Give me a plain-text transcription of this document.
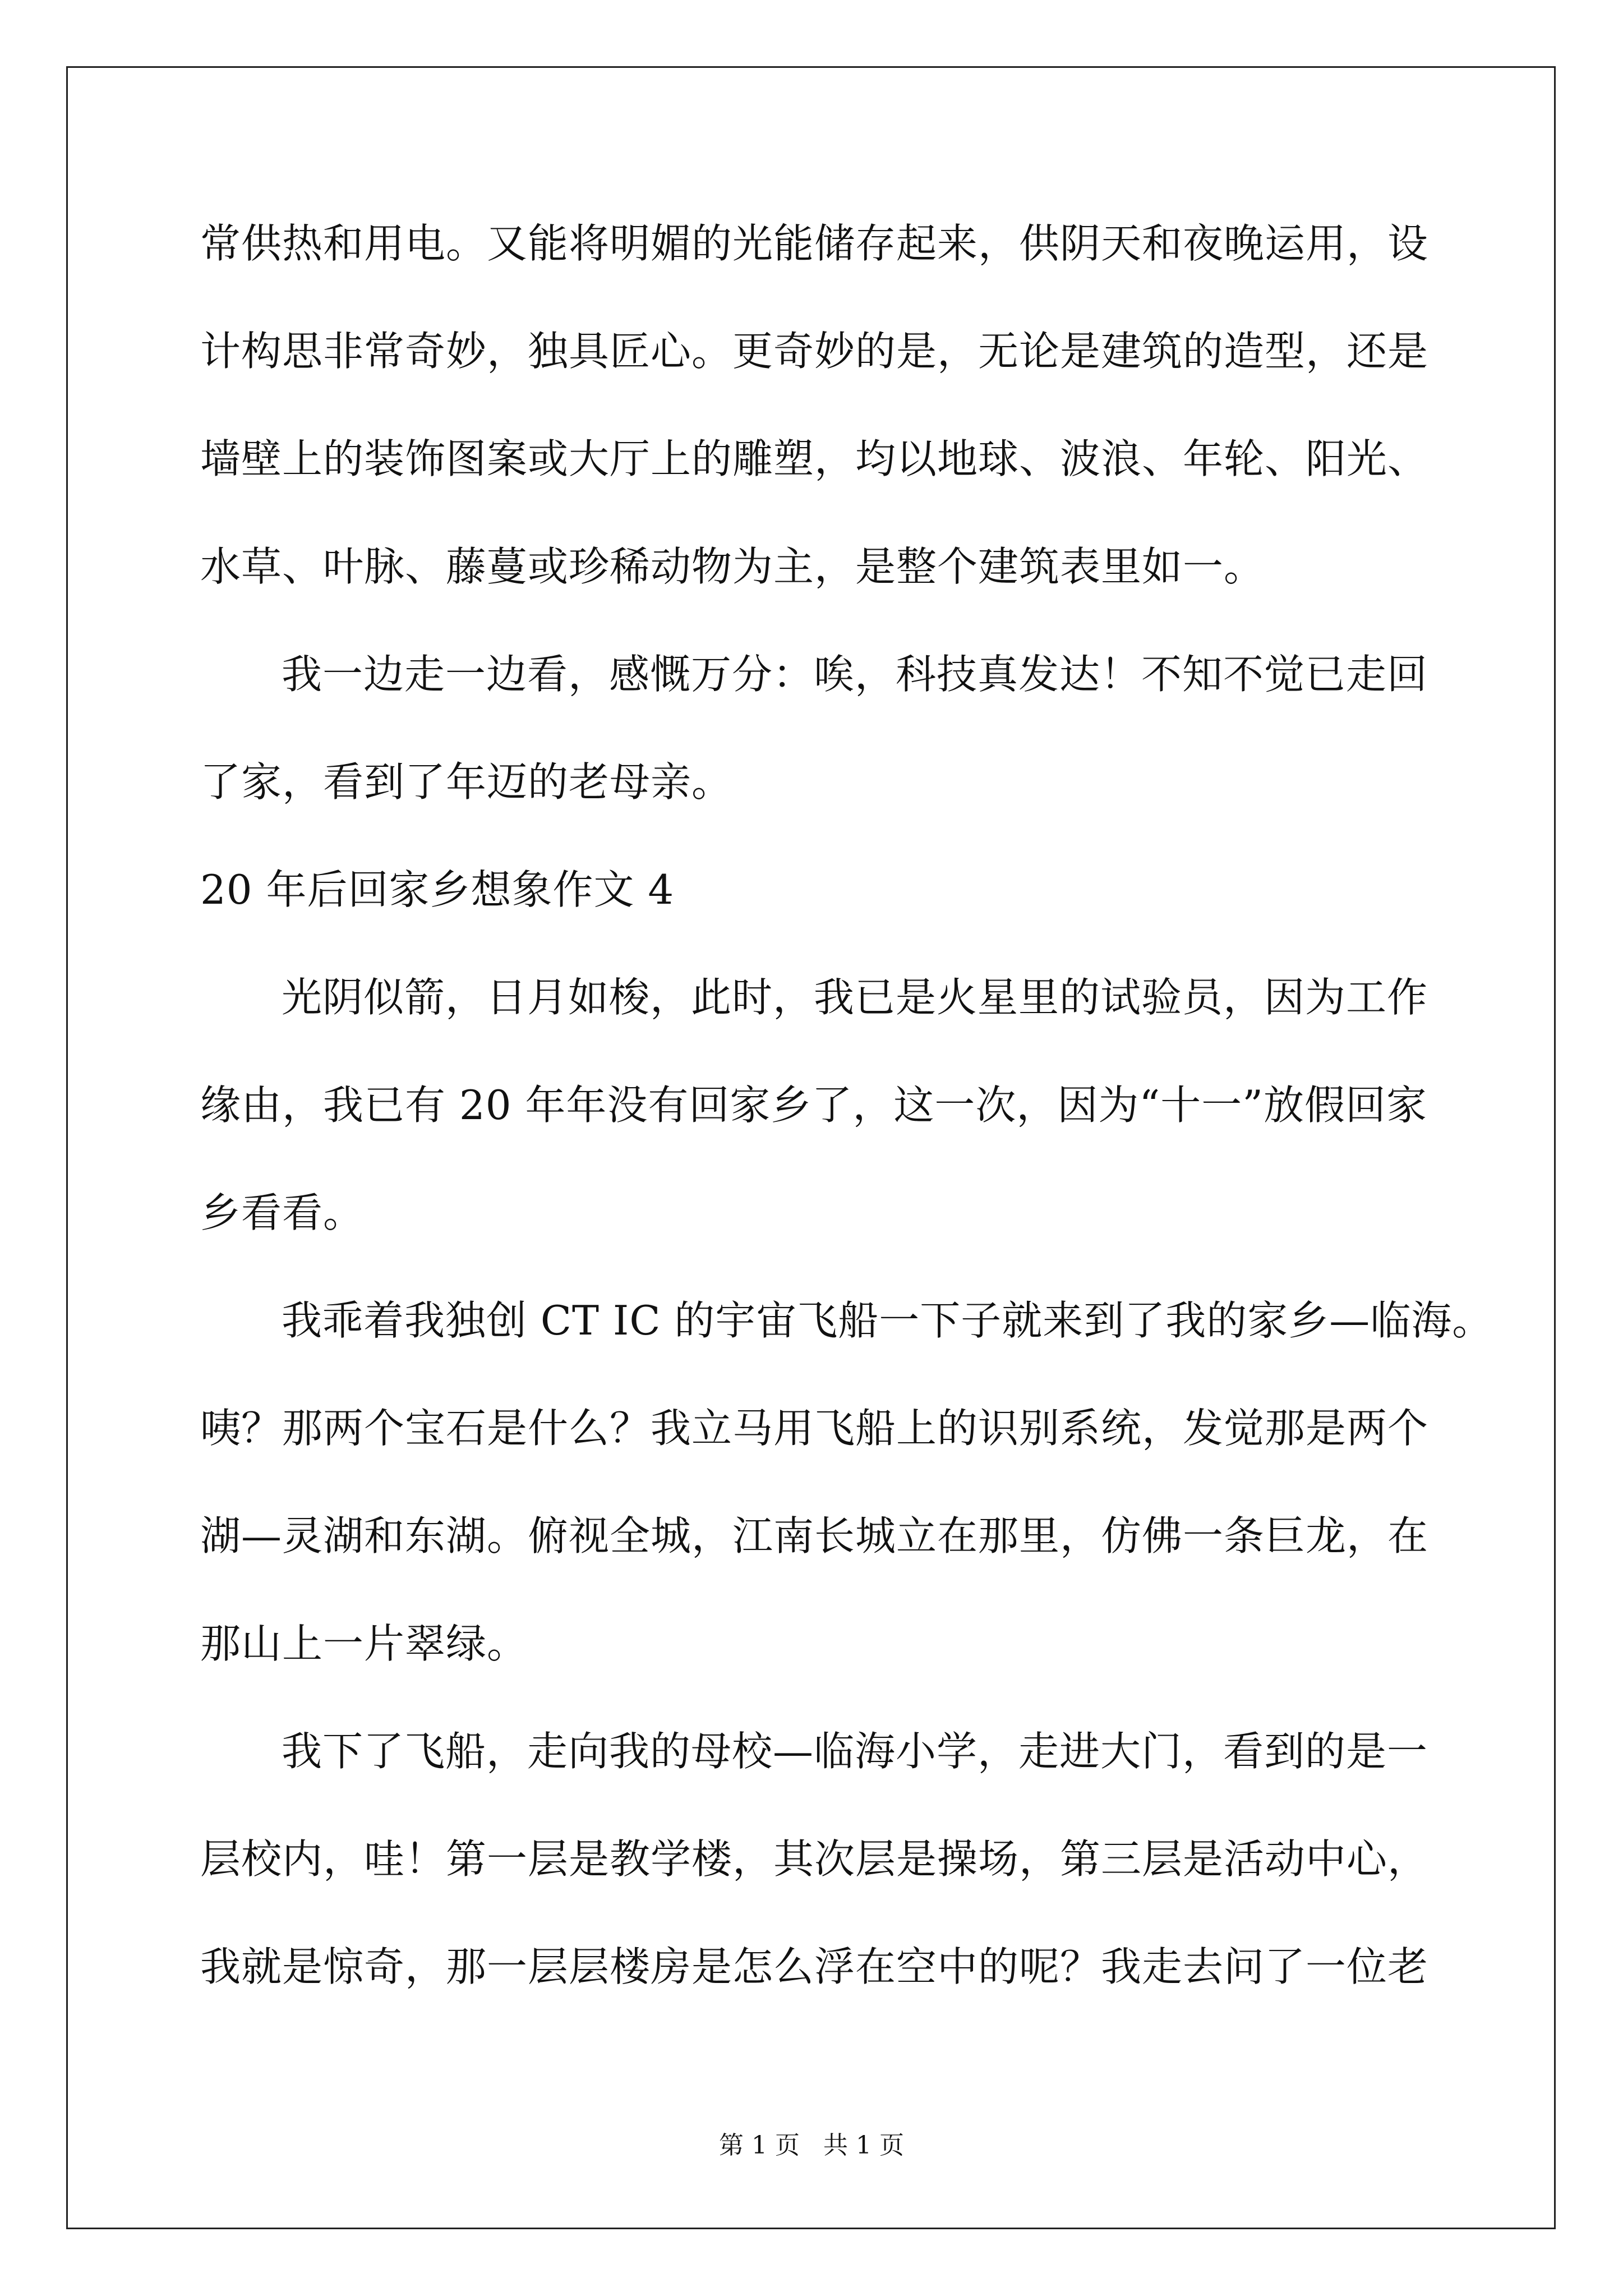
常供热和用电。又能将明媚的光能储存起来，供阴天和夜晚运用，设
计构思非常奇妙，独具匠心。更奇妙的是，无论是建筑的造型，还是
墙壁上的装饰图案或大厅上的雕塑，均以地球、波浪、年轮、阳光、
水草、叶脉、藤蔓或珍稀动物为主，是整个建筑表里如一。
我一边走一边看，感慨万分：唉，科技真发达！不知不觉已走回
了家，看到了年迈的老母亲。
20 年后回家乡想象作文 4
光阴似箭，日月如梭，此时，我已是火星里的试验员，因为工作
缘由，我已有 20 年年没有回家乡了，这一次，因为“十一”放假回家
乡看看。
我乖着我独创 CT IC 的宇宙飞船一下子就来到了我的家乡—临海。
咦？那两个宝石是什么？我立马用飞船上的识别系统，发觉那是两个
湖—灵湖和东湖。俯视全城，江南长城立在那里，仿佛一条巨龙，在
那山上一片翠绿。
我下了飞船，走向我的母校—临海小学，走进大门，看到的是一
层校内，哇！第一层是教学楼，其次层是操场，第三层是活动中心，
我就是惊奇，那一层层楼房是怎么浮在空中的呢？我走去问了一位老
第 1 页   共 1 页
